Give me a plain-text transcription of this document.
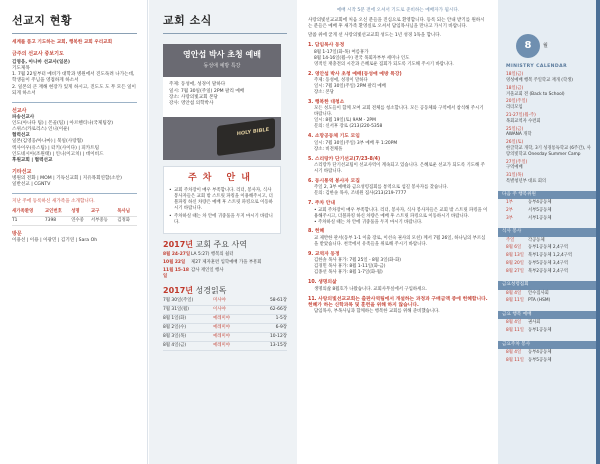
선교지 현황
세계를 품고 기도하는 교회, 행복한 교회 우리교회
금주의 선교사 중보기도
김영웅, 아나마 선교사(일본)
기도제목
1. 7월 22일부터 예비가 대학과 병원에서 진도독려 나가는데, 학생들이 주님을 영접하게 하소서
2. 일본의 큰 재해 현장가 있게 하시고, 진도도 도 무 모든 일이 되게 하소서
선교사
파송선교사
인도(아나다 팀) | 몬골(팀) | 아르헨티나(국제팀장)
스위스(카로리스) 인니(이운)
협력선교
일본(김영웅/아나마) | 북일(사랑협)
엑사이우(유스팀) | 터키(사이다) | 피카트팀
인도네시아(조원태) | 인니(이고치) | 데이비드
후원교회 | 협력선교
기타선교
병원의 전화 | MOM | 기독신교회 | 지유목회연합(소안)
일반선교 | CGNTV
지난 주에 등록하신 새가족을 소개합니다.
새가족환영	교인번호	성명	교구	목사님
T1	7398	연수중	서부중등	김정화
방문
이용선 | 이용 | 이광민 | 김기연 | Sara Oh
교회 소식
영안섭 박사 초청 예배
동성애 예방 특강
주제: 동성애, 성경이 말하다
일시: 7월 30일(주일) 2PM 팔리 예배
장소: 사랑의빛교회 본당
강사: 영안섭 의학박사
HOLY BIBLE
주차 안내
• 교회 주차장이 매우 부족합니다. 리더, 봉사자, 식사 봉사자들은 교회 밖 스트릿 파킹을 이용해주시고, 더블파킹 하신 차량은 예배 후 스트릿 파킹으로 이동하시기 바랍니다.
• 주차하실 때는 차 안에 귀중품을 두지 마시기 바랍니다.
2017년 교회 주요 사역
8월 24-27일 LA 5:27) 행복의 쉼터
10월 22일	제27 제자훈련 입학예배 가을 부흥회
11월 15-18일
감사 재인일 행사
2017년 성경읽독
7월 30일(주일)	미사야	58-61장
7월 31일(월)	이사야	62-66장
8월 1일(화)	예레미야	1-5장
8월 2일(수)	예레미야	6-9장
8월 3일(목)	예레미야	10-12장
8월 4일(금)	예레미야	13-15장
예배 시작 5분 전에 오셔서 기도로 준비하는 예배자가 됩시다.
사랑의빛선교교회에 처음 오신 분들을 진심으로 환영합니다. 등록 되는 안내 받기를 원하시는 분들은 예배 후 새가족 환영실로 오셔서 담임목사님을 만나고 가시기 바랍니다.
말씀 위에 굳게 선 사랑의빛선교교회 성도는 1년 성경 1독을 합니다.
1. 담임목사 동정
8월 1-17일(화-목) 여름휴가
8월 14-16일(월-수) 전국 목회자부부 세미나 인도
영적인 재충전의 시간과 은혜로운 집회가 되도록 기도해 주시기 바랍니다.
2. 영안섭 박사 초청 예배(동성애 예방 특강)
주제: 동성애, 성경이 말하다
일시: 7월 30일(주일) 2PM 팔리 예배
장소: 본당
3. 행복한 대청소
모든 성도들이 함께 모여 교회 전체를 청소합니다. 모든 공동체와 구역에서 참석해 주시기 바랍니다.
일시: 8월 19일(토) 9AM - 2PM
문의: 신서후 장로 (213)220-5358
4. 소망공동체 기도 모임
일시: 7월 30일(주일) 3부 예배 후 1:20PM
장소: 비전채플
5. 스리랑카 단기선교(7/23-8/4)
스리랑카 단기선교팀이 선교사역이 계속되고 있습니다. 은혜로운 선교가 되도록 기도해 주시기 바랍니다.
6. 동시통역 봉사자 모집
주일 2, 3부 예배와 금요성령집회를 통역으로 섬길 봉사자를 찾습니다.
문의: 김한솔 목사, 조네원 집사(213)219-7777
7. 주차 안내
• 교회 주차장이 매우 부족합니다. 리더, 봉사자, 식사 봉사자들은 교회 밖 스트릿 파킹을 이용해주시고, 더블파킹 하신 차량은 예배 후 스트릿 파킹으로 이동하시기 바랍니다.
• 주차하실 때는 차 안에 귀중품을 두지 마시기 바랍니다.
8. 헌혜
교 제반한 관서(동부 1-1 이출 장로, 이선숙 권사의 모친) 께서 7월 26일, 하나님의 부르심을 받았습니다. 천국에서 유족들을 위로해 주시기 바랍니다.
9. 교역자 동정
김한솔 목사 휴가: 7월 25일 - 8월 3일(화-화)
김경민 목사 휴가: 8월 1-11일(화-금)
김종선 목사 휴가: 8월 1-7일(화-월)
10. 생명의삶
생명의삶 8월호가 나왔습니다. 교회사무실에서 구입하세요.
11. 사랑의빛선교교회는 출판사역팀에서 개설하는 과정과 구매금액 중에 헌혜합니다. 헌혜가 하는 신학과목 및 훈련을 위해 하지 않습니다.
담임목사, 부목사님과 함께하는 행복한 교회를 위해 준비했습니다.
8 월
MINISTRY CALENDAR
18일(금)
영성예배 행복 주일학교 재개 (학생)
18일(금)
겨울교회 전 (Back to School)
20일(주일)
리더모임
21-27일(월-주)
목회교역자 수련회
25일(금)
AWANA 개학
26일(토)
한글학교 개학, 3기 성경통독학교 (6주간), 사랑의빛학교 Onesday Summer Camp
27일(주일)
구역예배
31일(목)
특별청년부 대표 회의
다음 주 행복위원
1부	동부4공동체
2부	서부5공동체
3부	서부1공동체
식사 봉사
주일	각공동체
8월 6일	동부1공동체 2,4구역
8월 13일 북부1공동체 1,2,4구역
8월 20일 동부5공동체 3,4구역
8월 27일 북부2공동체 2,4구역
금요성령집회
8월 4일	안수집사회
8월 11일 PTA (HSM)
금요 행복 예배
8월 4일	권사회
8월 11일 동부1공동체
금요주차 봉사
8월 4일	동부4공동체
8월 11일 동부5공동체
